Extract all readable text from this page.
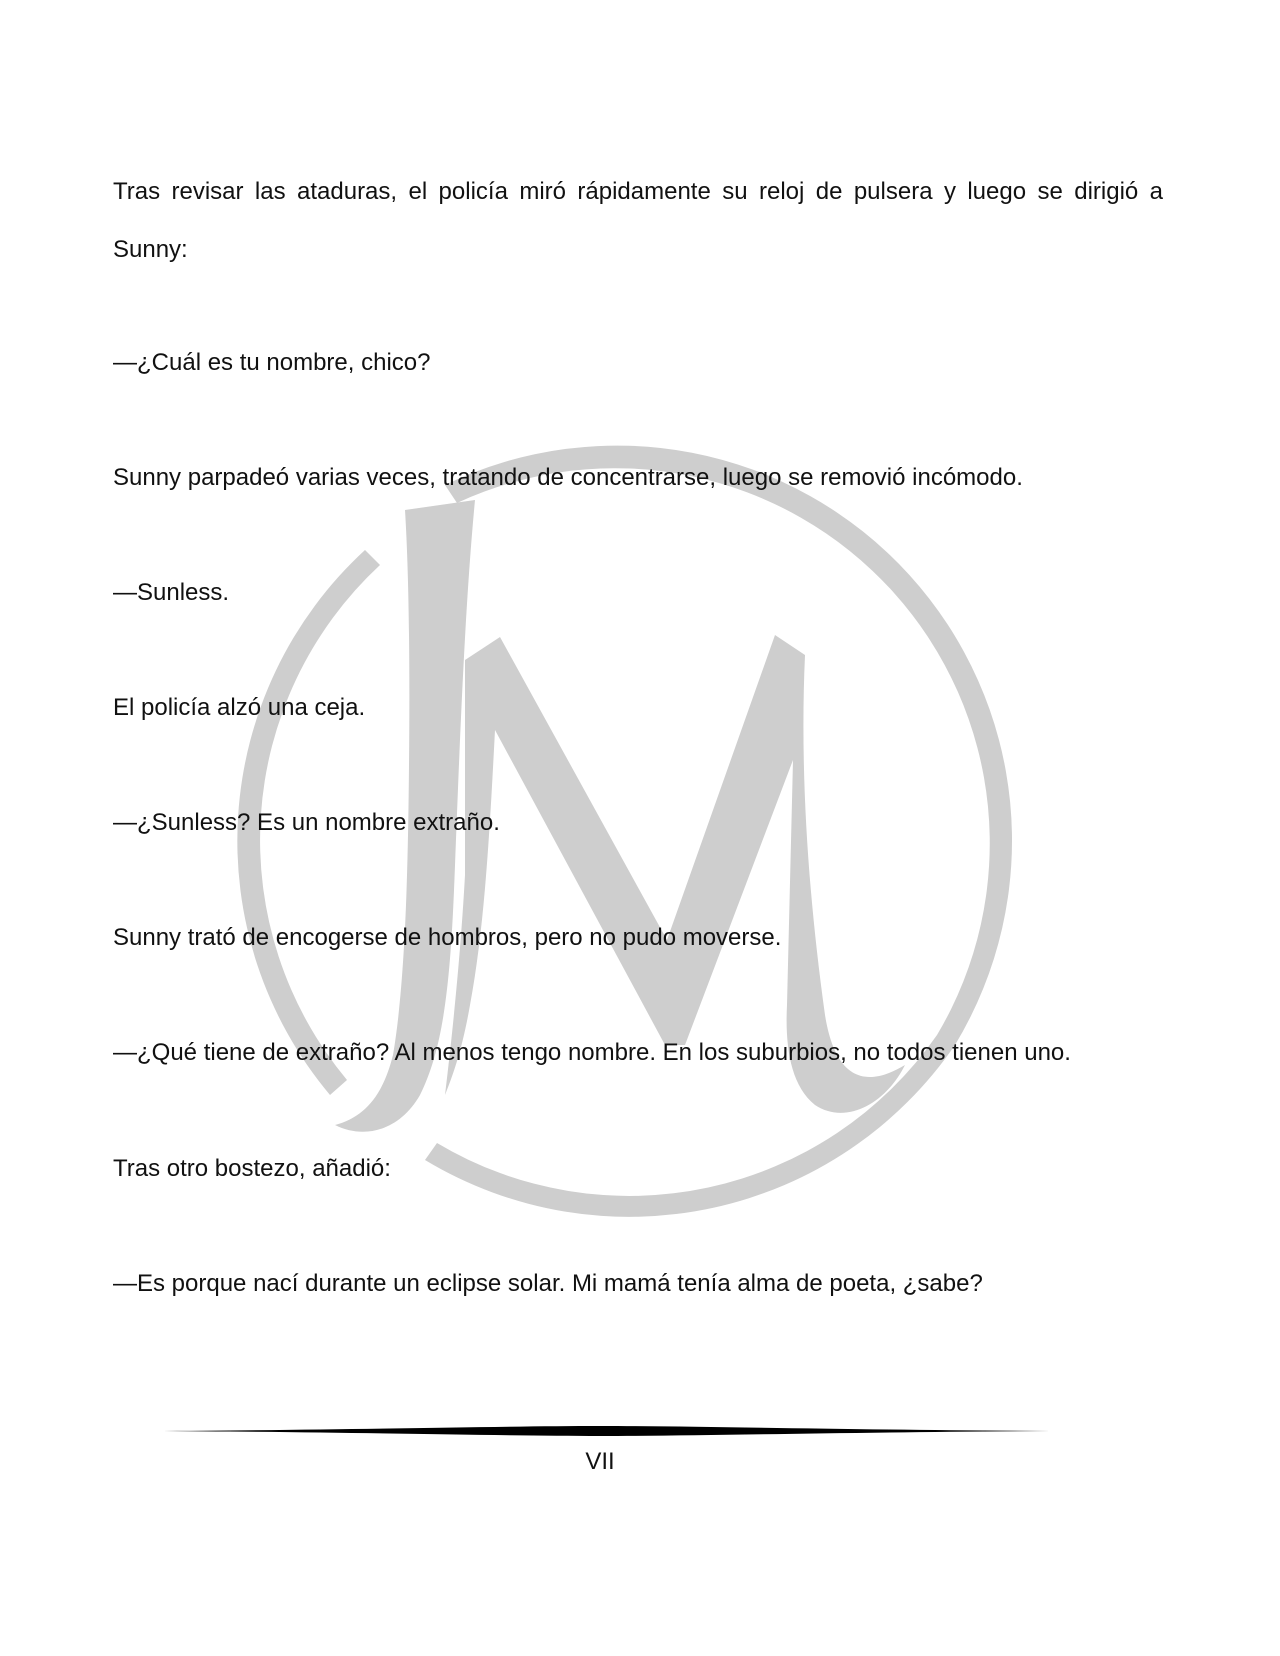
Tras revisar las ataduras, el policía miró rápidamente su reloj de pulsera y luego se dirigió a Sunny:

—¿Cuál es tu nombre, chico?

Sunny parpadeó varias veces, tratando de concentrarse, luego se removió incómodo.

—Sunless.

El policía alzó una ceja.

—¿Sunless? Es un nombre extraño.

Sunny trató de encogerse de hombros, pero no pudo moverse.

—¿Qué tiene de extraño? Al menos tengo nombre. En los suburbios, no todos tienen uno.

Tras otro bostezo, añadió:

—Es porque nací durante un eclipse solar. Mi mamá tenía alma de poeta, ¿sabe?

VII
